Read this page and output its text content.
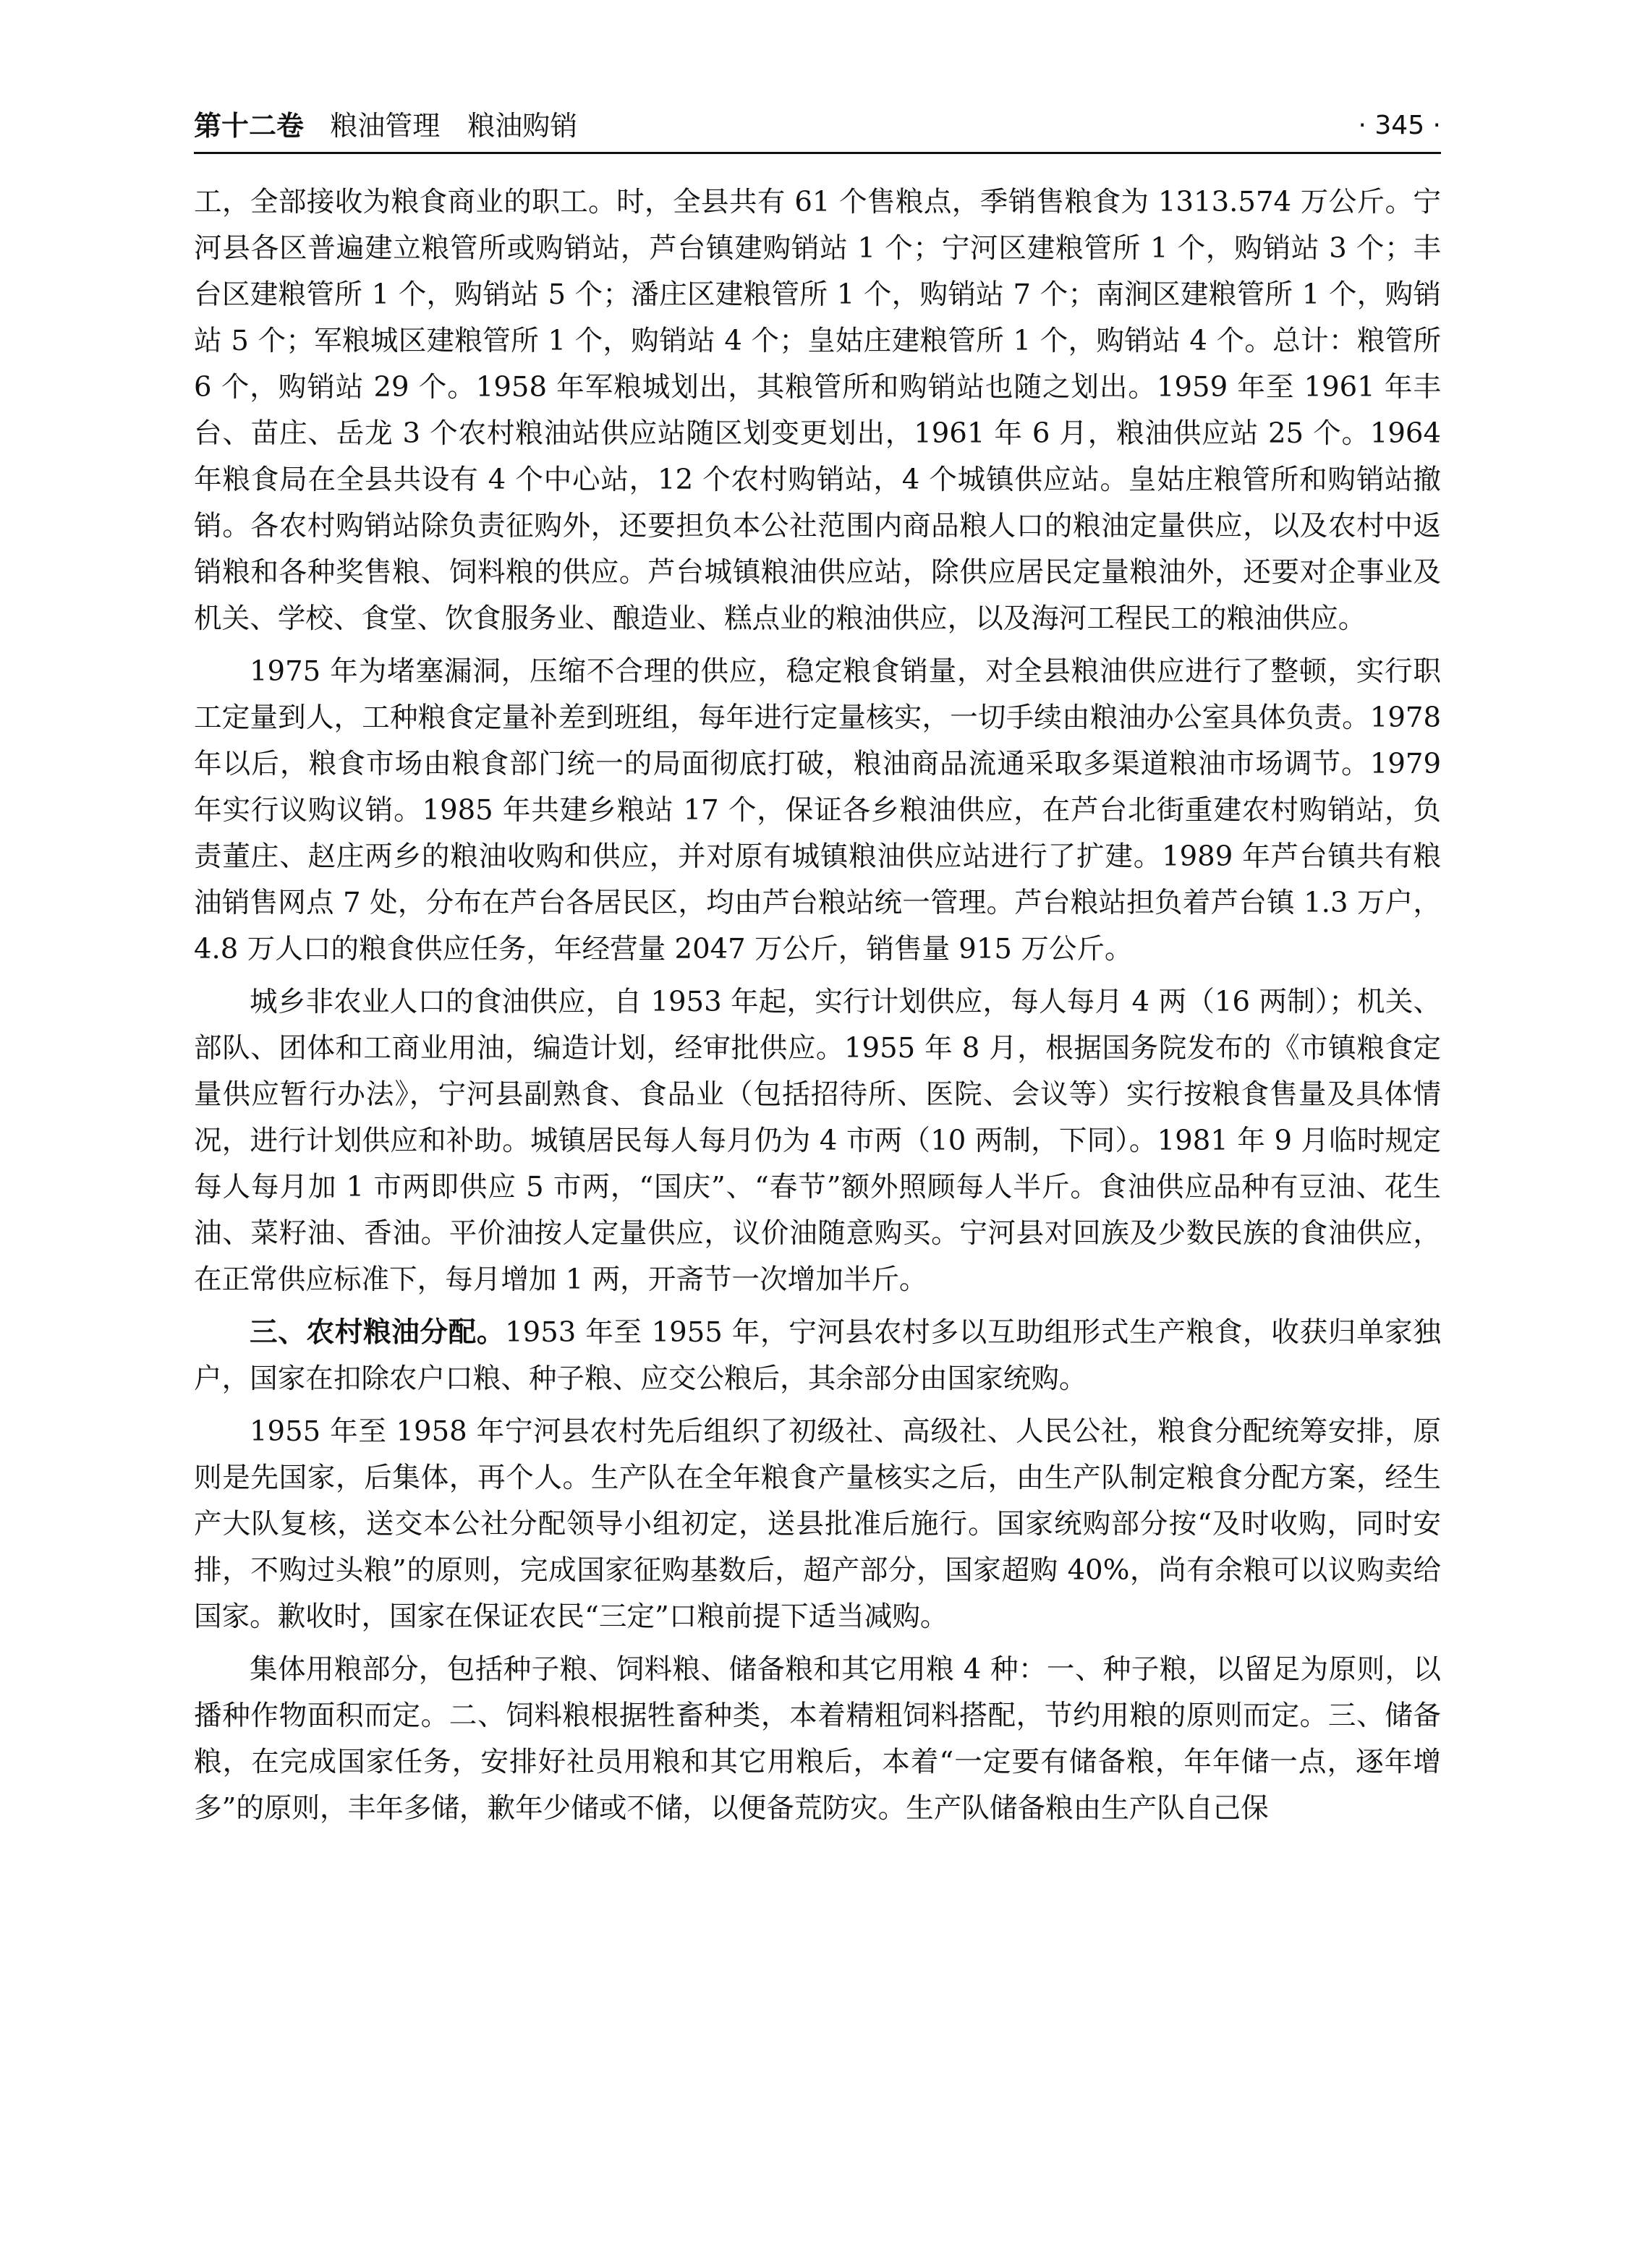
第十二卷 粮油管理　粮油购销	· 345 ·

工，全部接收为粮食商业的职工。时，全县共有 61 个售粮点，季销售粮食为 1313.574 万公斤。宁河县各区普遍建立粮管所或购销站，芦台镇建购销站 1 个；宁河区建粮管所 1 个，购销站 3 个；丰台区建粮管所 1 个，购销站 5 个；潘庄区建粮管所 1 个，购销站 7 个；南涧区建粮管所 1 个，购销站 5 个；军粮城区建粮管所 1 个，购销站 4 个；皇姑庄建粮管所 1 个，购销站 4 个。总计：粮管所 6 个，购销站 29 个。1958 年军粮城划出，其粮管所和购销站也随之划出。1959 年至 1961 年丰台、苗庄、岳龙 3 个农村粮油站供应站随区划变更划出，1961 年 6 月，粮油供应站 25 个。1964 年粮食局在全县共设有 4 个中心站，12 个农村购销站，4 个城镇供应站。皇姑庄粮管所和购销站撤销。各农村购销站除负责征购外，还要担负本公社范围内商品粮人口的粮油定量供应，以及农村中返销粮和各种奖售粮、饲料粮的供应。芦台城镇粮油供应站，除供应居民定量粮油外，还要对企事业及机关、学校、食堂、饮食服务业、酿造业、糕点业的粮油供应，以及海河工程民工的粮油供应。

1975 年为堵塞漏洞，压缩不合理的供应，稳定粮食销量，对全县粮油供应进行了整顿，实行职工定量到人，工种粮食定量补差到班组，每年进行定量核实，一切手续由粮油办公室具体负责。1978 年以后，粮食市场由粮食部门统一的局面彻底打破，粮油商品流通采取多渠道粮油市场调节。1979 年实行议购议销。1985 年共建乡粮站 17 个，保证各乡粮油供应，在芦台北街重建农村购销站，负责董庄、赵庄两乡的粮油收购和供应，并对原有城镇粮油供应站进行了扩建。1989 年芦台镇共有粮油销售网点 7 处，分布在芦台各居民区，均由芦台粮站统一管理。芦台粮站担负着芦台镇 1.3 万户，4.8 万人口的粮食供应任务，年经营量 2047 万公斤，销售量 915 万公斤。

城乡非农业人口的食油供应，自 1953 年起，实行计划供应，每人每月 4 两（16 两制）；机关、部队、团体和工商业用油，编造计划，经审批供应。1955 年 8 月，根据国务院发布的《市镇粮食定量供应暂行办法》，宁河县副熟食、食品业（包括招待所、医院、会议等）实行按粮食售量及具体情况，进行计划供应和补助。城镇居民每人每月仍为 4 市两（10 两制，下同）。1981 年 9 月临时规定每人每月加 1 市两即供应 5 市两，“国庆”、“春节”额外照顾每人半斤。食油供应品种有豆油、花生油、菜籽油、香油。平价油按人定量供应，议价油随意购买。宁河县对回族及少数民族的食油供应，在正常供应标准下，每月增加 1 两，开斋节一次增加半斤。

三、农村粮油分配。1953 年至 1955 年，宁河县农村多以互助组形式生产粮食，收获归单家独户，国家在扣除农户口粮、种子粮、应交公粮后，其余部分由国家统购。

1955 年至 1958 年宁河县农村先后组织了初级社、高级社、人民公社，粮食分配统筹安排，原则是先国家，后集体，再个人。生产队在全年粮食产量核实之后，由生产队制定粮食分配方案，经生产大队复核，送交本公社分配领导小组初定，送县批准后施行。国家统购部分按“及时收购，同时安排，不购过头粮”的原则，完成国家征购基数后，超产部分，国家超购 40%，尚有余粮可以议购卖给国家。歉收时，国家在保证农民“三定”口粮前提下适当减购。

集体用粮部分，包括种子粮、饲料粮、储备粮和其它用粮 4 种：一、种子粮，以留足为原则，以播种作物面积而定。二、饲料粮根据牲畜种类，本着精粗饲料搭配，节约用粮的原则而定。三、储备粮，在完成国家任务，安排好社员用粮和其它用粮后，本着“一定要有储备粮，年年储一点，逐年增多”的原则，丰年多储，歉年少储或不储，以便备荒防灾。生产队储备粮由生产队自己保
